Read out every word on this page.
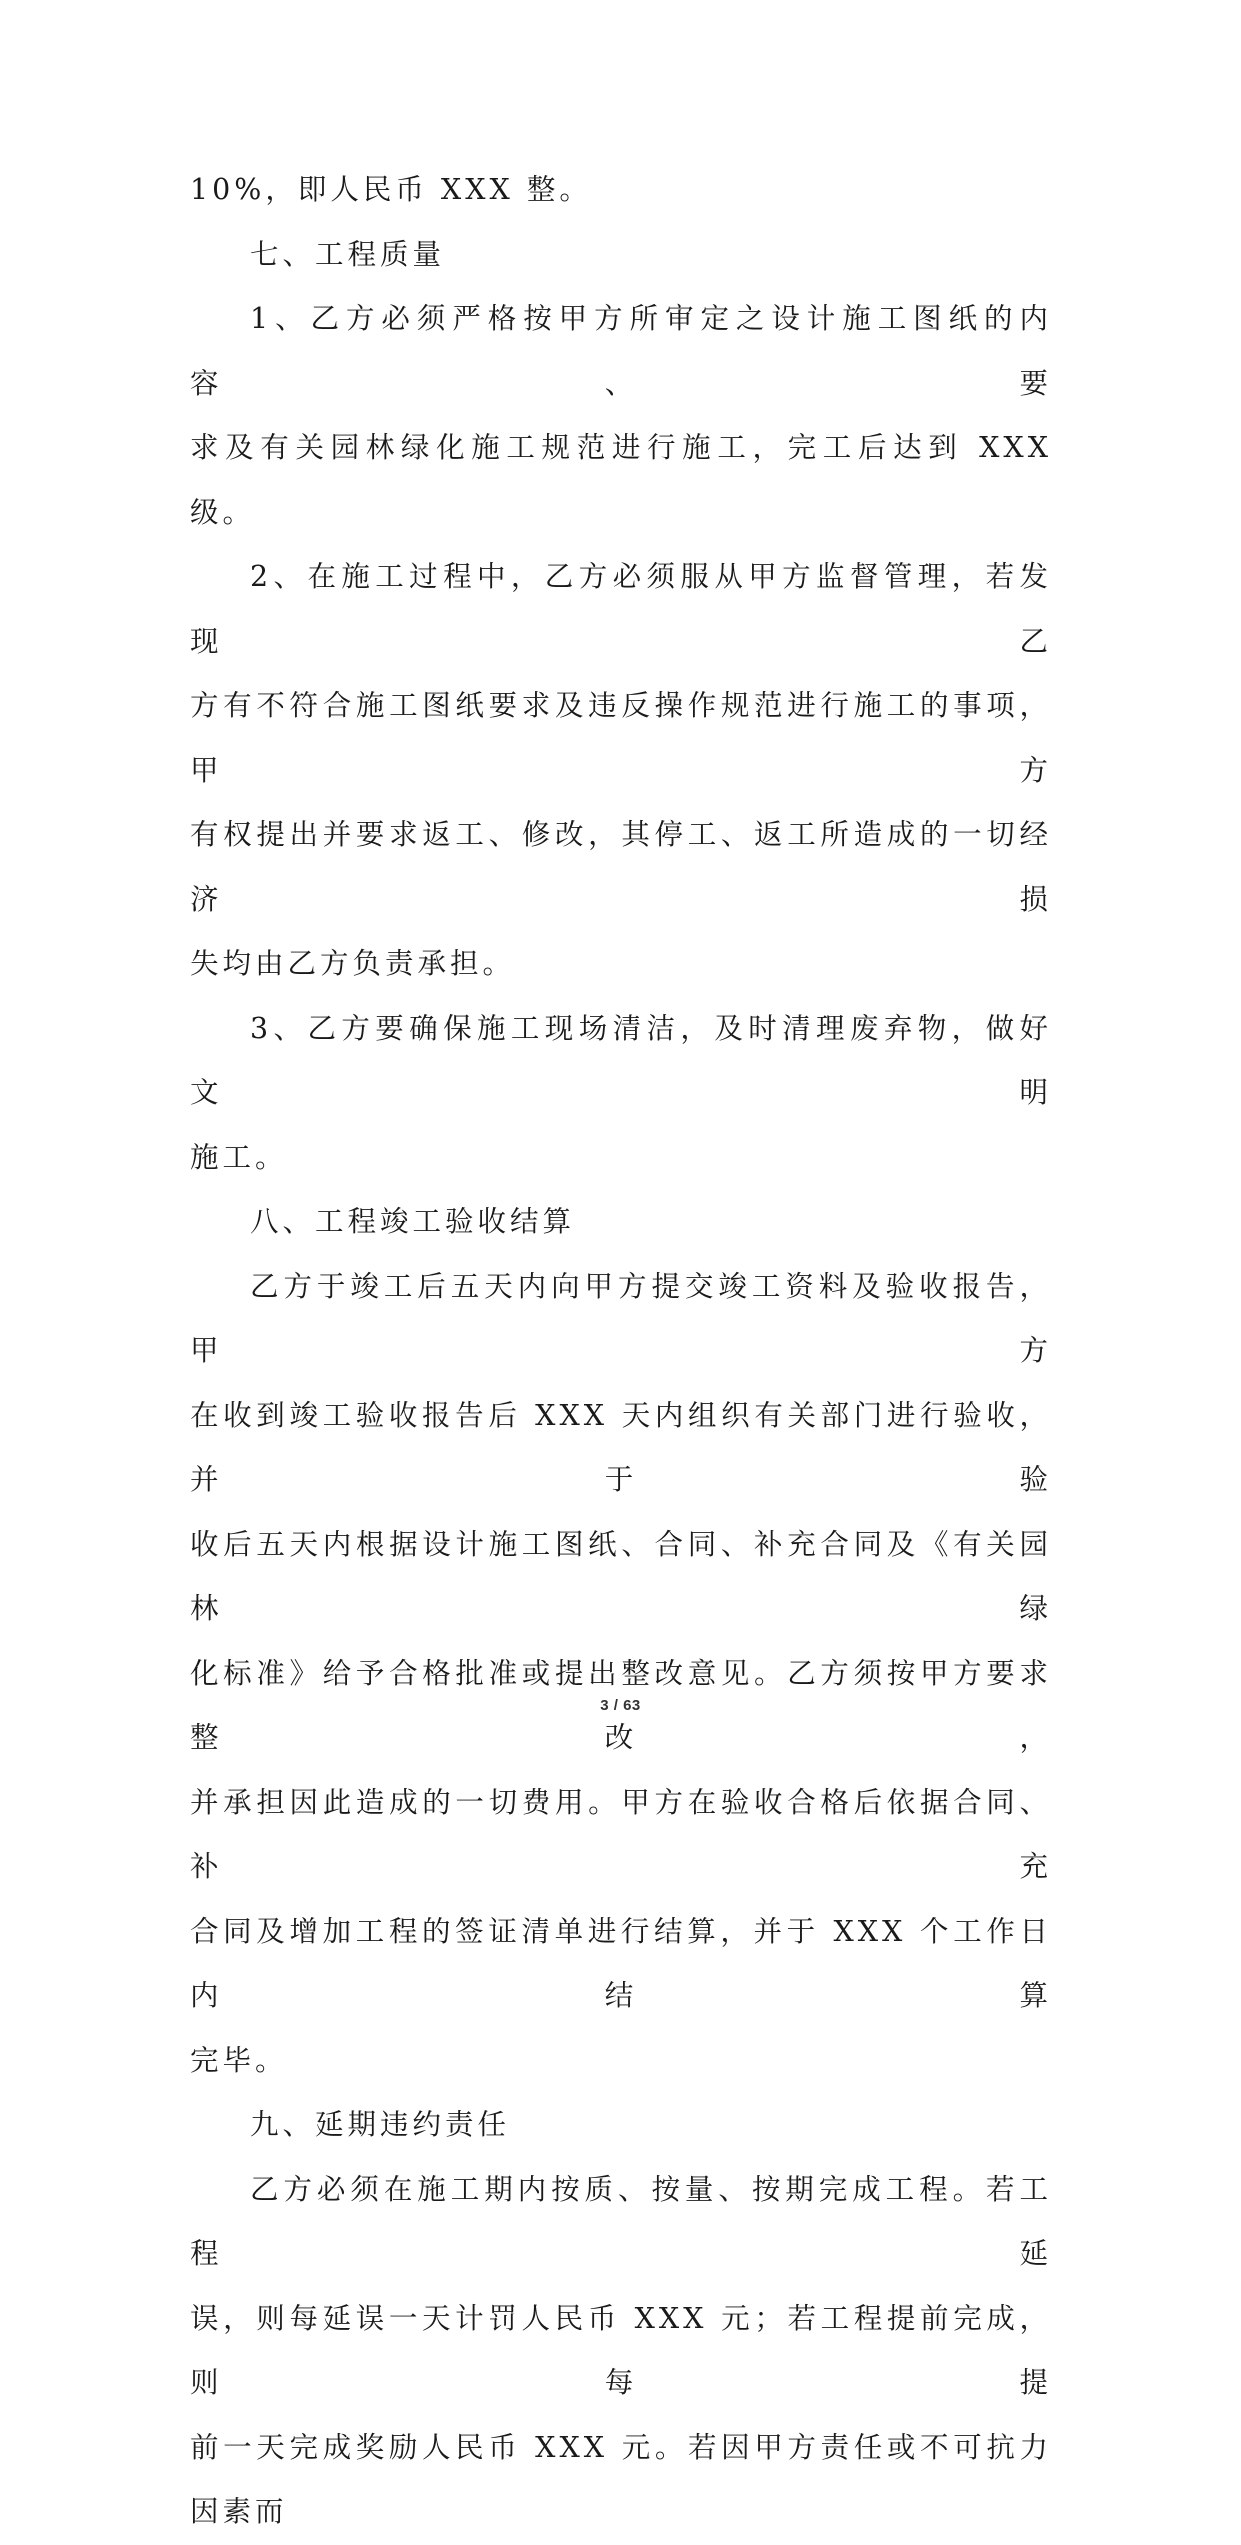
10%，即人民币 XXX 整。
七、工程质量
1、乙方必须严格按甲方所审定之设计施工图纸的内容、要
求及有关园林绿化施工规范进行施工，完工后达到 XXX 级。
2、在施工过程中，乙方必须服从甲方监督管理，若发现乙
方有不符合施工图纸要求及违反操作规范进行施工的事项，甲方
有权提出并要求返工、修改，其停工、返工所造成的一切经济损
失均由乙方负责承担。
3、乙方要确保施工现场清洁，及时清理废弃物，做好文明
施工。
八、工程竣工验收结算
乙方于竣工后五天内向甲方提交竣工资料及验收报告，甲方
在收到竣工验收报告后 XXX 天内组织有关部门进行验收，并于验
收后五天内根据设计施工图纸、合同、补充合同及《有关园林绿
化标准》给予合格批准或提出整改意见。乙方须按甲方要求整改，
并承担因此造成的一切费用。甲方在验收合格后依据合同、补充
合同及增加工程的签证清单进行结算，并于 XXX 个工作日内结算
完毕。
九、延期违约责任
乙方必须在施工期内按质、按量、按期完成工程。若工程延
误，则每延误一天计罚人民币 XXX 元；若工程提前完成，则每提
前一天完成奖励人民币 XXX 元。若因甲方责任或不可抗力因素而
3 / 63
